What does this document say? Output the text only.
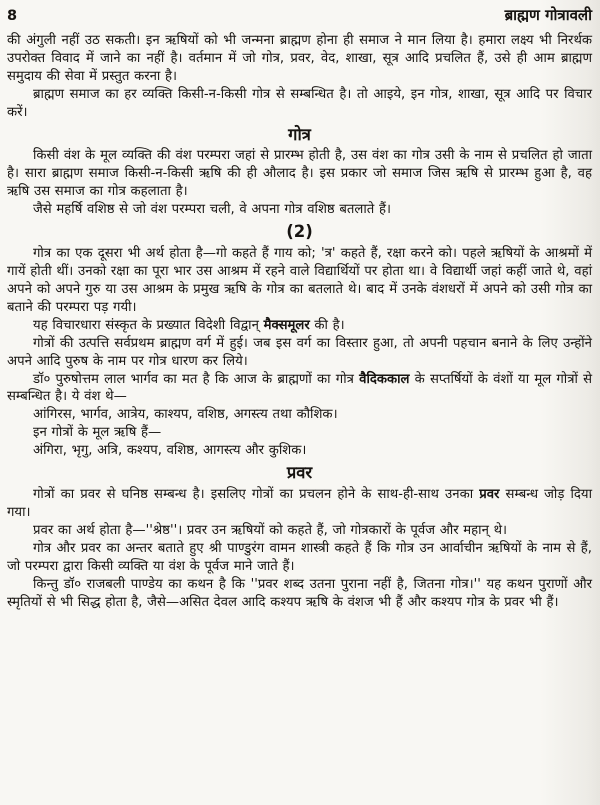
8	ब्राह्मण गोत्रावली

की अंगुली नहीं उठ सकती। इन ऋषियों को भी जन्मना ब्राह्मण होना ही समाज ने मान लिया है। हमारा लक्ष्य भी निरर्थक उपरोक्त विवाद में जाने का नहीं है। वर्तमान में जो गोत्र, प्रवर, वेद, शाखा, सूत्र आदि प्रचलित हैं, उसे ही आम ब्राह्मण समुदाय की सेवा में प्रस्तुत करना है।

ब्राह्मण समाज का हर व्यक्ति किसी-न-किसी गोत्र से सम्बन्धित है। तो आइये, इन गोत्र, शाखा, सूत्र आदि पर विचार करें।

गोत्र

किसी वंश के मूल व्यक्ति की वंश परम्परा जहां से प्रारम्भ होती है, उस वंश का गोत्र उसी के नाम से प्रचलित हो जाता है। सारा ब्राह्मण समाज किसी-न-किसी ऋषि की ही औलाद है। इस प्रकार जो समाज जिस ऋषि से प्रारम्भ हुआ है, वह ऋषि उस समाज का गोत्र कहलाता है।

जैसे महर्षि वशिष्ठ से जो वंश परम्परा चली, वे अपना गोत्र वशिष्ठ बतलाते हैं।

(2)

गोत्र का एक दूसरा भी अर्थ होता है—गो कहते हैं गाय को; 'त्र' कहते हैं, रक्षा करने को। पहले ऋषियों के आश्रमों में गायें होती थीं। उनको रक्षा का पूरा भार उस आश्रम में रहने वाले विद्यार्थियों पर होता था। वे विद्यार्थी जहां कहीं जाते थे, वहां अपने को अपने गुरु या उस आश्रम के प्रमुख ऋषि के गोत्र का बतलाते थे। बाद में उनके वंशधरों में अपने को उसी गोत्र का बताने की परम्परा पड़ गयी।

यह विचारधारा संस्कृत के प्रख्यात विदेशी विद्वान् मैक्समूलर की है।

गोत्रों की उत्पत्ति सर्वप्रथम ब्राह्मण वर्ग में हुई। जब इस वर्ग का विस्तार हुआ, तो अपनी पहचान बनाने के लिए उन्होंने अपने आदि पुरुष के नाम पर गोत्र धारण कर लिये।

डॉ० पुरुषोत्तम लाल भार्गव का मत है कि आज के ब्राह्मणों का गोत्र वैदिककाल के सप्तर्षियों के वंशों या मूल गोत्रों से सम्बन्धित है। ये वंश थे—

आंगिरस, भार्गव, आत्रेय, काश्यप, वशिष्ठ, अगस्त्य तथा कौशिक।

इन गोत्रों के मूल ऋषि हैं—

अंगिरा, भृगु, अत्रि, कश्यप, वशिष्ठ, आगस्त्य और कुशिक।

प्रवर

गोत्रों का प्रवर से घनिष्ठ सम्बन्ध है। इसलिए गोत्रों का प्रचलन होने के साथ-ही-साथ उनका प्रवर सम्बन्ध जोड़ दिया गया।

प्रवर का अर्थ होता है—''श्रेष्ठ''। प्रवर उन ऋषियों को कहते हैं, जो गोत्रकारों के पूर्वज और महान् थे।

गोत्र और प्रवर का अन्तर बताते हुए श्री पाण्डुरंग वामन शास्त्री कहते हैं कि गोत्र उन आर्वाचीन ऋषियों के नाम से हैं, जो परम्परा द्वारा किसी व्यक्ति या वंश के पूर्वज माने जाते हैं।

किन्तु डॉ० राजबली पाण्डेय का कथन है कि ''प्रवर शब्द उतना पुराना नहीं है, जितना गोत्र।'' यह कथन पुराणों और स्मृतियों से भी सिद्ध होता है, जैसे—असित देवल आदि कश्यप ऋषि के वंशज भी हैं और कश्यप गोत्र के प्रवर भी हैं।
